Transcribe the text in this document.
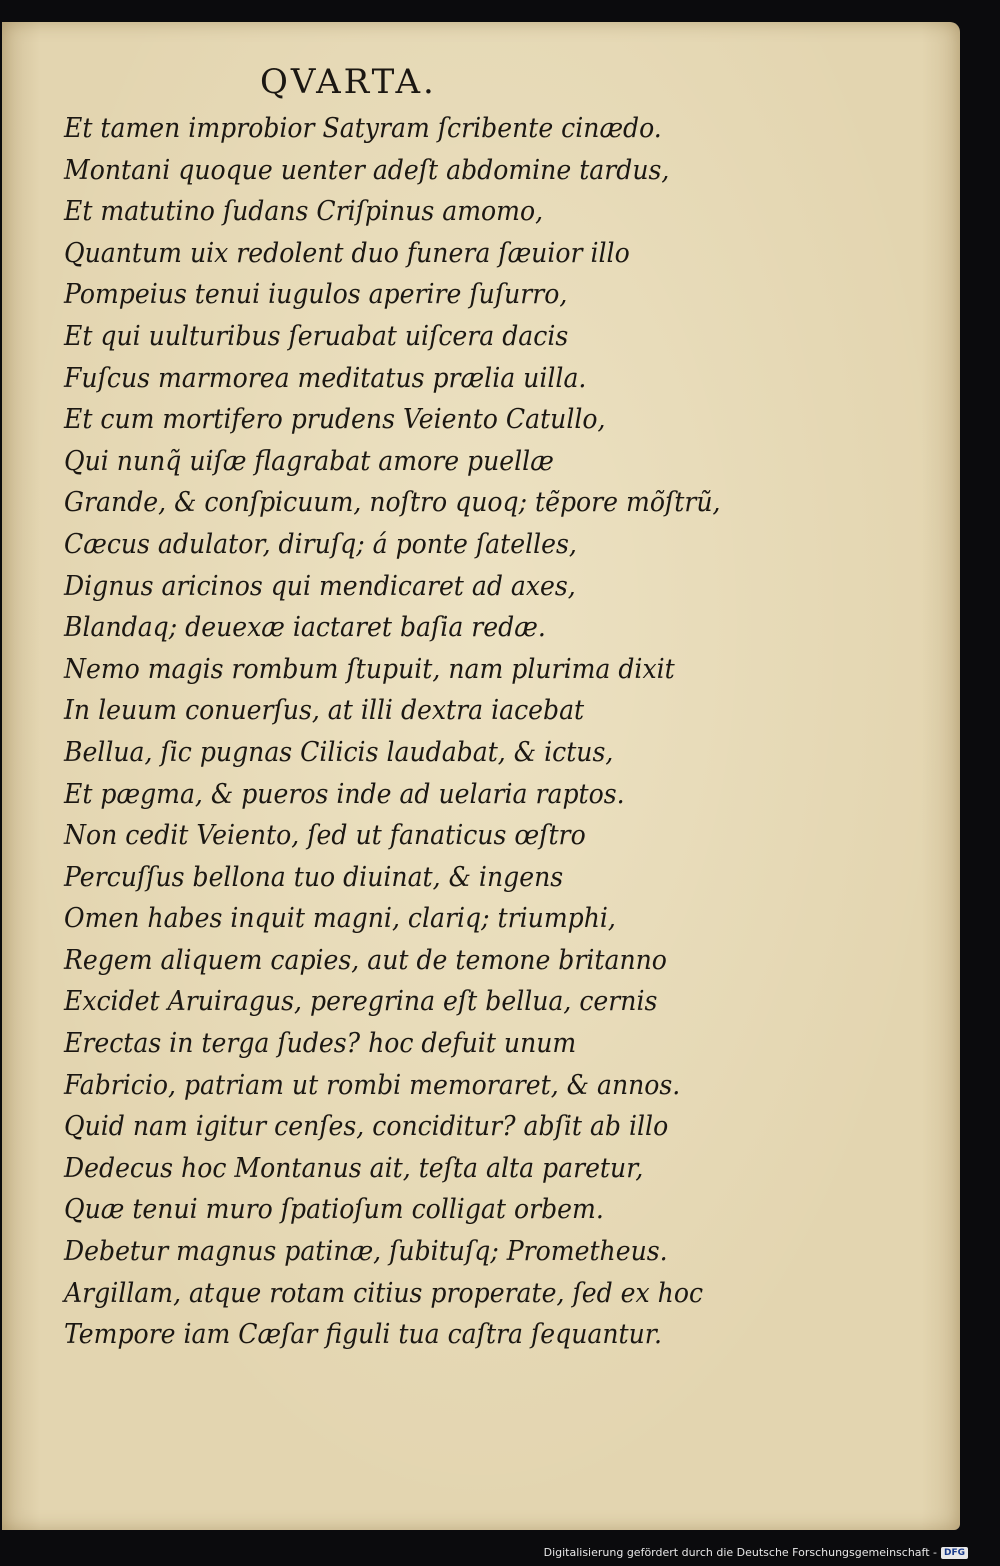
QVARTA.
Et tamen improbior Satyram ſcribente cinædo.
Montani quoque uenter adeſt abdomine tardus,
Et matutino ſudans Criſpinus amomo,
Quantum uix redolent duo funera ſæuior illo
Pompeius tenui iugulos aperire ſuſurro,
Et qui uulturibus ſeruabat uiſcera dacis
Fuſcus marmorea meditatus prælia uilla.
Et cum mortifero prudens Veiento Catullo,
Qui nunq̃ uiſæ flagrabat amore puellæ
Grande, & conſpicuum, noſtro quoq; tẽpore mõſtrũ,
Cæcus adulator, diruſq; á ponte ſatelles,
Dignus aricinos qui mendicaret ad axes,
Blandaq; deuexæ iactaret baſia redæ.
Nemo magis rombum ſtupuit, nam plurima dixit
In leuum conuerſus, at illi dextra iacebat
Bellua, ſic pugnas Cilicis laudabat, & ictus,
Et pægma, & pueros inde ad uelaria raptos.
Non cedit Veiento, ſed ut fanaticus œſtro
Percuſſus bellona tuo diuinat, & ingens
Omen habes inquit magni, clariq; triumphi,
Regem aliquem capies, aut de temone britanno
Excidet Aruiragus, peregrina eſt bellua, cernis
Erectas in terga ſudes? hoc defuit unum
Fabricio, patriam ut rombi memoraret, & annos.
Quid nam igitur cenſes, conciditur? abſit ab illo
Dedecus hoc Montanus ait, teſta alta paretur,
Quæ tenui muro ſpatioſum colligat orbem.
Debetur magnus patinæ, ſubituſq; Prometheus.
Argillam, atque rotam citius properate, ſed ex hoc
Tempore iam Cæſar figuli tua caſtra ſequantur.
Digitalisierung gefördert durch die Deutsche Forschungsgemeinschaft - DFG
